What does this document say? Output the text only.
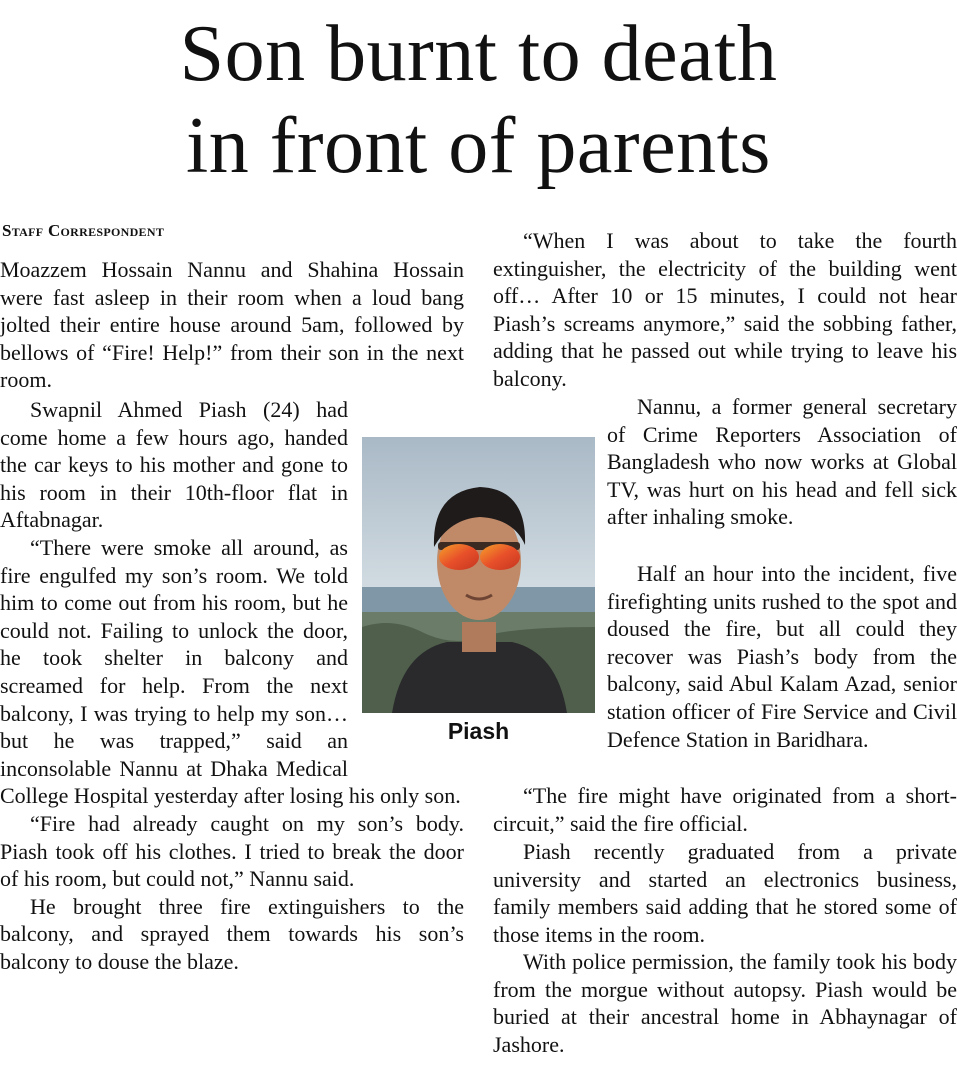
Son burnt to death
in front of parents
Staff Correspondent

Moazzem Hossain Nannu and Shahina Hossain were fast asleep in their room when a loud bang jolted their entire house around 5am, followed by bellows of “Fire! Help!” from their son in the next room.

Swapnil Ahmed Piash (24) had come home a few hours ago, handed the car keys to his mother and gone to his room in their 10th-floor flat in Aftabnagar.

“There were smoke all around, as fire engulfed my son’s room. We told him to come out from his room, but he could not. Failing to unlock the door, he took shelter in balcony and screamed for help. From the next balcony, I was trying to help my son… but he was trapped,” said an inconsolable Nannu at Dhaka Medical College Hospital yesterday after losing his only son.

“Fire had already caught on my son’s body. Piash took off his clothes. I tried to break the door of his room, but could not,” Nannu said.

He brought three fire extinguishers to the balcony, and sprayed them towards his son’s balcony to douse the blaze.

Piash

“When I was about to take the fourth extinguisher, the electricity of the building went off… After 10 or 15 minutes, I could not hear Piash’s screams anymore,” said the sobbing father, adding that he passed out while trying to leave his balcony.

Nannu, a former general secretary of Crime Reporters Association of Bangladesh who now works at Global TV, was hurt on his head and fell sick after inhaling smoke.

Half an hour into the incident, five firefighting units rushed to the spot and doused the fire, but all could they recover was Piash’s body from the balcony, said Abul Kalam Azad, senior station officer of Fire Service and Civil Defence Station in Baridhara.

“The fire might have originated from a short-circuit,” said the fire official.

Piash recently graduated from a private university and started an electronics business, family members said adding that he stored some of those items in the room.

With police permission, the family took his body from the morgue without autopsy. Piash would be buried at their ancestral home in Abhaynagar of Jashore.
